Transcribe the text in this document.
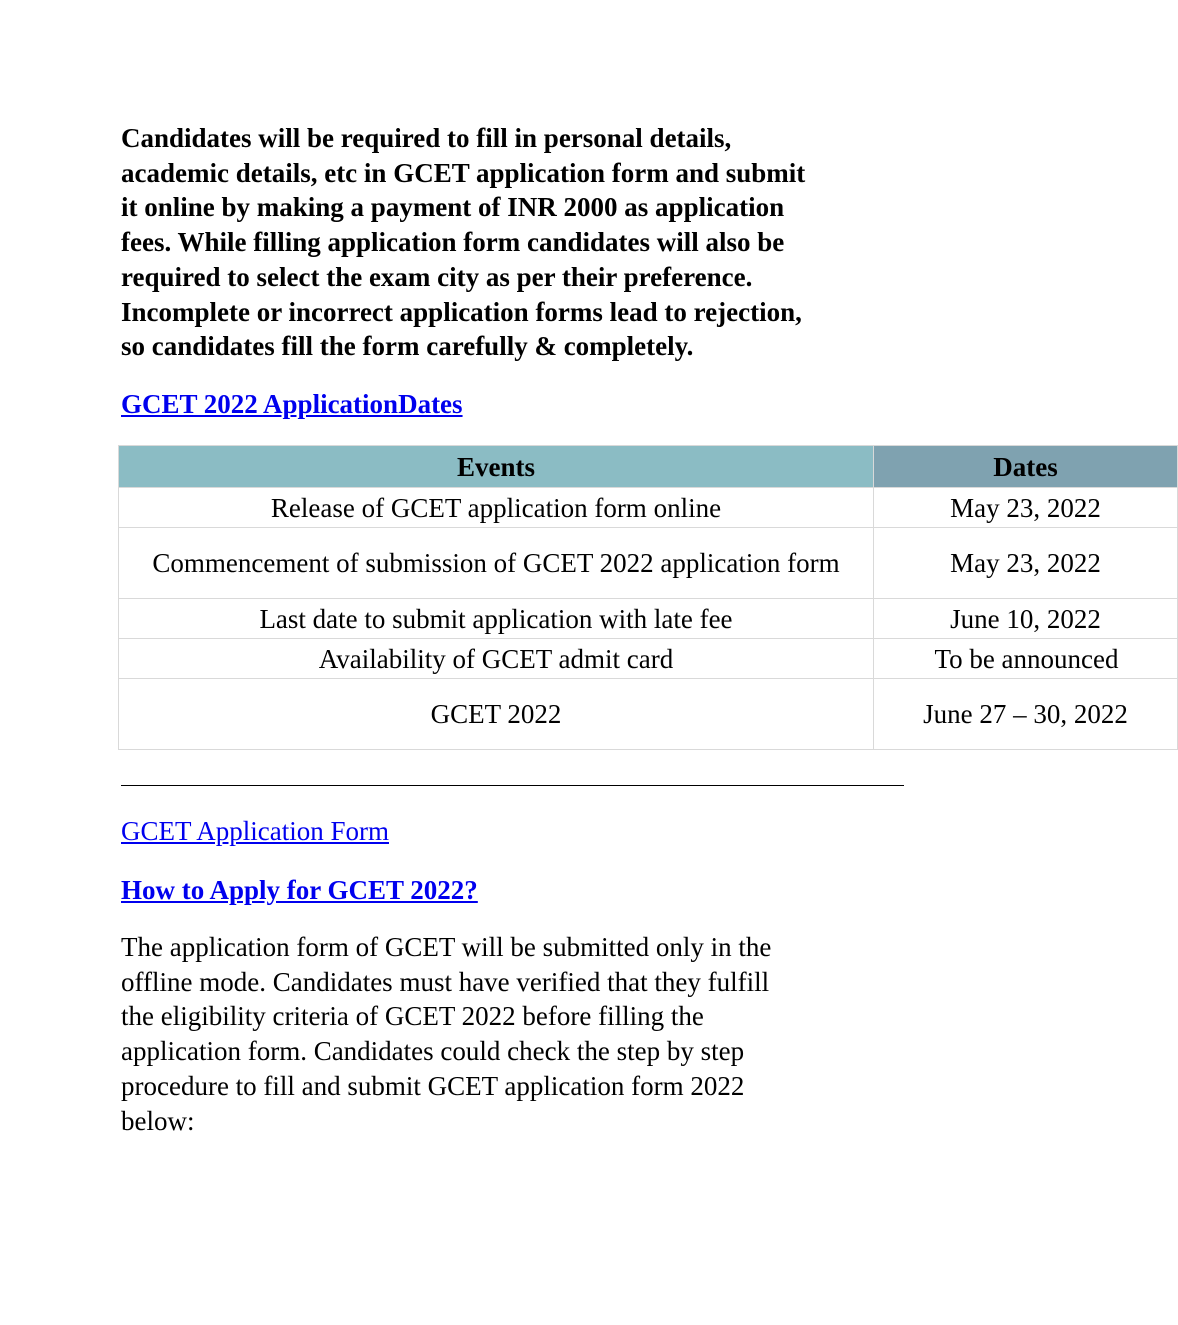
Candidates will be required to fill in personal details,
academic details, etc in GCET application form and submit
it online by making a payment of INR 2000 as application
fees. While filling application form candidates will also be
required to select the exam city as per their preference.
Incomplete or incorrect application forms lead to rejection,
so candidates fill the form carefully & completely.

GCET 2022 ApplicationDates
Events	Dates
Release of GCET application form online	May 23, 2022
Commencement of submission of GCET 2022 application form	May 23, 2022
Last date to submit application with late fee	June 10, 2022
Availability of GCET admit card	To be announced
GCET 2022	June 27 – 30, 2022
GCET Application Form
How to Apply for GCET 2022?

The application form of GCET will be submitted only in the
offline mode. Candidates must have verified that they fulfill
the eligibility criteria of GCET 2022 before filling the
application form. Candidates could check the step by step
procedure to fill and submit GCET application form 2022
below:
